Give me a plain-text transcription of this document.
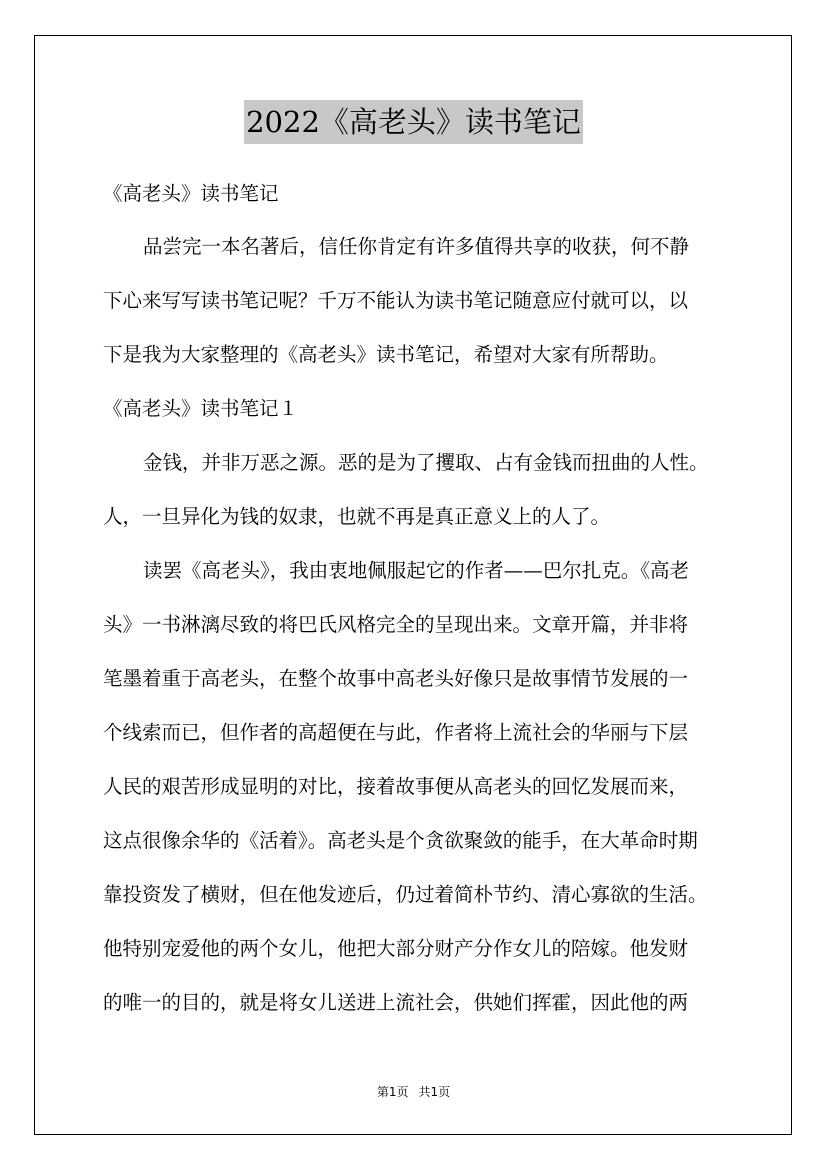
2022《高老头》读书笔记
《高老头》读书笔记
品尝完一本名著后，信任你肯定有许多值得共享的收获，何不静
下心来写写读书笔记呢？千万不能认为读书笔记随意应付就可以，以
下是我为大家整理的《高老头》读书笔记，希望对大家有所帮助。
《高老头》读书笔记１
金钱，并非万恶之源。恶的是为了攫取、占有金钱而扭曲的人性。
人，一旦异化为钱的奴隶，也就不再是真正意义上的人了。
读罢《高老头》，我由衷地佩服起它的作者——巴尔扎克。《高老
头》一书淋漓尽致的将巴氏风格完全的呈现出来。文章开篇，并非将
笔墨着重于高老头，在整个故事中高老头好像只是故事情节发展的一
个线索而已，但作者的高超便在与此，作者将上流社会的华丽与下层
人民的艰苦形成显明的对比，接着故事便从高老头的回忆发展而来，
这点很像余华的《活着》。高老头是个贪欲聚敛的能手，在大革命时期
靠投资发了横财，但在他发迹后，仍过着简朴节约、清心寡欲的生活。
他特别宠爱他的两个女儿，他把大部分财产分作女儿的陪嫁。他发财
的唯一的目的，就是将女儿送进上流社会，供她们挥霍，因此他的两
第1页 共1页
